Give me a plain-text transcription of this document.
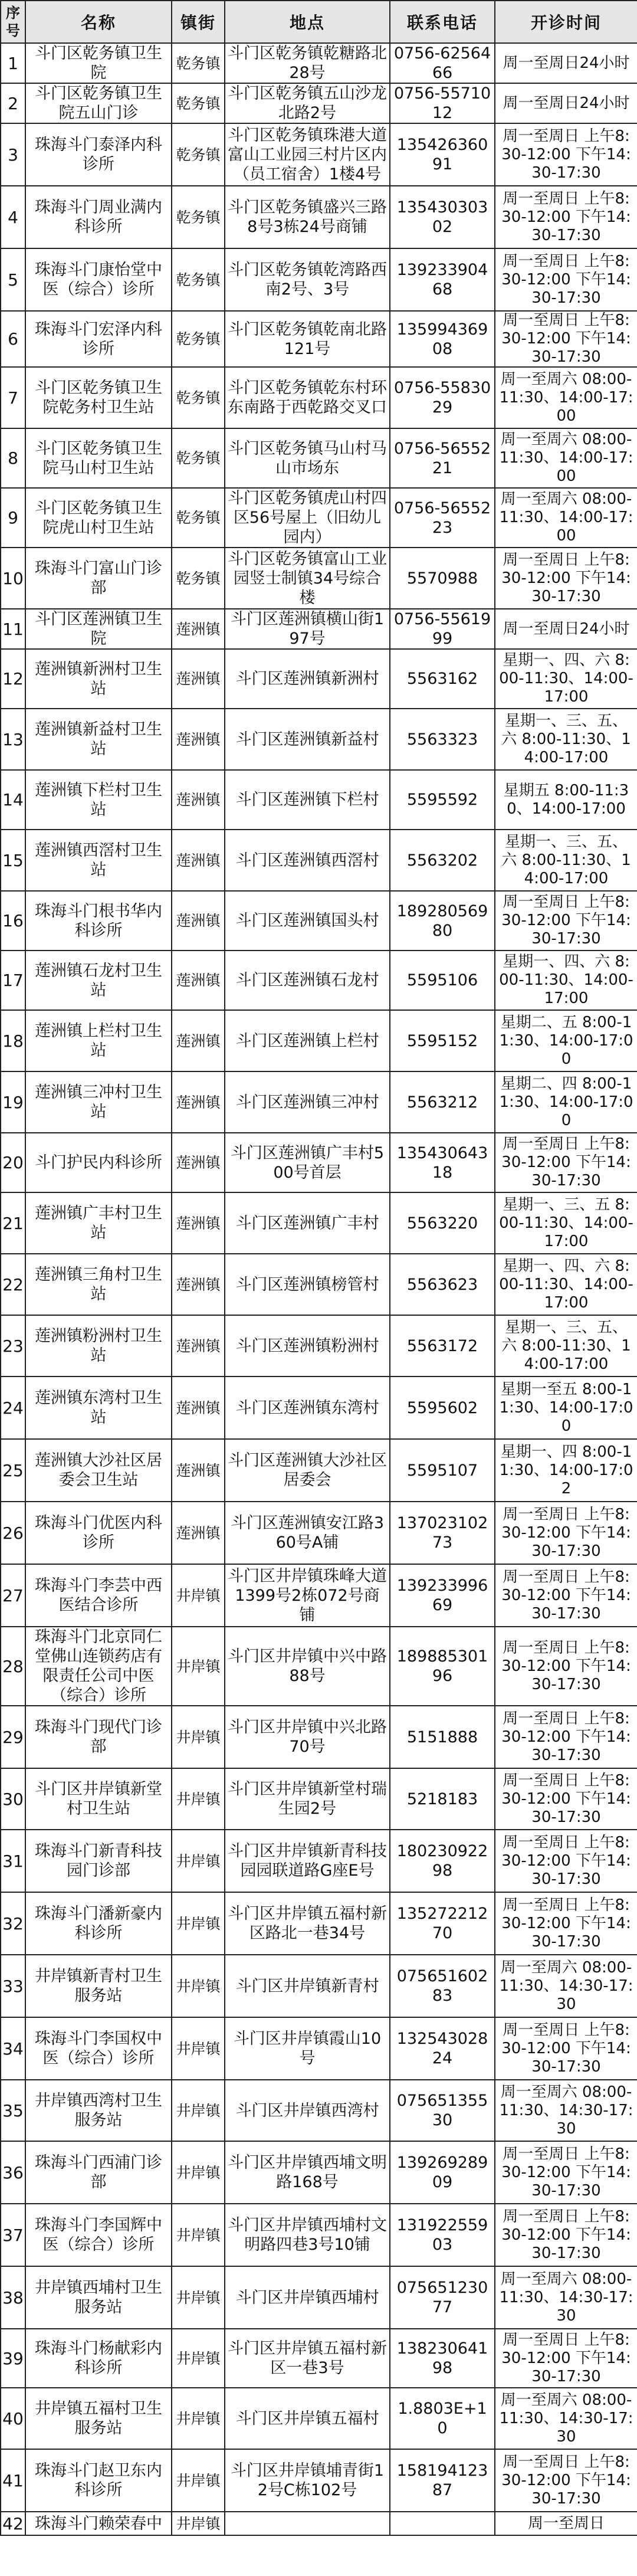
序号	名称	镇街	地点	联系电话	开诊时间
1	斗门区乾务镇卫生院	乾务镇	斗门区乾务镇乾糖路北28号	0756-6256466	周一至周日24小时
2	斗门区乾务镇卫生院五山门诊	乾务镇	斗门区乾务镇五山沙龙北路2号	0756-5571012	周一至周日24小时
3	珠海斗门泰泽内科诊所	乾务镇	斗门区乾务镇珠港大道富山工业园三村片区内（员工宿舍）1楼4号	13542636091	周一至周日 上午8:30-12:00 下午14:30-17:30
4	珠海斗门周业满内科诊所	乾务镇	斗门区乾务镇盛兴三路8号3栋24号商铺	13543030302	周一至周日 上午8:30-12:00 下午14:30-17:30
5	珠海斗门康怡堂中医（综合）诊所	乾务镇	斗门区乾务镇乾湾路西南2号、3号	13923390468	周一至周日 上午8:30-12:00 下午14:30-17:30
6	珠海斗门宏泽内科诊所	乾务镇	斗门区乾务镇乾南北路121号	13599436908	周一至周日 上午8:30-12:00 下午14:30-17:30
7	斗门区乾务镇卫生院乾务村卫生站	乾务镇	斗门区乾务镇乾东村环东南路于西乾路交叉口	0756-5583029	周一至周六 08:00-11:30、14:00-17:00
8	斗门区乾务镇卫生院马山村卫生站	乾务镇	斗门区乾务镇马山村马山市场东	0756-5655221	周一至周六 08:00-11:30、14:00-17:00
9	斗门区乾务镇卫生院虎山村卫生站	乾务镇	斗门区乾务镇虎山村四区56号屋上（旧幼儿园内）	0756-5655223	周一至周六 08:00-11:30、14:00-17:00
10	珠海斗门富山门诊部	乾务镇	斗门区乾务镇富山工业园竖士制镇34号综合楼	5570988	周一至周日 上午8:30-12:00 下午14:30-17:30
11	斗门区莲洲镇卫生院	莲洲镇	斗门区莲洲镇横山街197号	0756-5561999	周一至周日24小时
12	莲洲镇新洲村卫生站	莲洲镇	斗门区莲洲镇新洲村	5563162	星期一、四、六 8:00-11:30、14:00-17:00
13	莲洲镇新益村卫生站	莲洲镇	斗门区莲洲镇新益村	5563323	星期一、三、五、六 8:00-11:30、14:00-17:00
14	莲洲镇下栏村卫生站	莲洲镇	斗门区莲洲镇下栏村	5595592	星期五 8:00-11:30、14:00-17:00
15	莲洲镇西滘村卫生站	莲洲镇	斗门区莲洲镇西滘村	5563202	星期一、三、五、六 8:00-11:30、14:00-17:00
16	珠海斗门根书华内科诊所	莲洲镇	斗门区莲洲镇国头村	18928056980	周一至周日 上午8:30-12:00 下午14:30-17:30
17	莲洲镇石龙村卫生站	莲洲镇	斗门区莲洲镇石龙村	5595106	星期一、四、六 8:00-11:30、14:00-17:00
18	莲洲镇上栏村卫生站	莲洲镇	斗门区莲洲镇上栏村	5595152	星期二、五 8:00-11:30、14:00-17:00
19	莲洲镇三冲村卫生站	莲洲镇	斗门区莲洲镇三冲村	5563212	星期二、四 8:00-11:30、14:00-17:00
20	斗门护民内科诊所	莲洲镇	斗门区莲洲镇广丰村500号首层	13543064318	周一至周日 上午8:30-12:00 下午14:30-17:30
21	莲洲镇广丰村卫生站	莲洲镇	斗门区莲洲镇广丰村	5563220	星期一、三、五 8:00-11:30、14:00-17:00
22	莲洲镇三角村卫生站	莲洲镇	斗门区莲洲镇榜管村	5563623	星期一、四、六 8:00-11:30、14:00-17:00
23	莲洲镇粉洲村卫生站	莲洲镇	斗门区莲洲镇粉洲村	5563172	星期一、三、五、六 8:00-11:30、14:00-17:00
24	莲洲镇东湾村卫生站	莲洲镇	斗门区莲洲镇东湾村	5595602	星期一至五 8:00-11:30、14:00-17:00
25	莲洲镇大沙社区居委会卫生站	莲洲镇	斗门区莲洲镇大沙社区居委会	5595107	星期一、四 8:00-11:30、14:00-17:02
26	珠海斗门优医内科诊所	莲洲镇	斗门区莲洲镇安江路360号A铺	13702310273	周一至周日 上午8:30-12:00 下午14:30-17:30
27	珠海斗门李芸中西医结合诊所	井岸镇	斗门区井岸镇珠峰大道1399号2栋072号商铺	13923399669	周一至周日 上午8:30-12:00 下午14:30-17:30
28	珠海斗门北京同仁堂佛山连锁药店有限责任公司中医（综合）诊所	井岸镇	斗门区井岸镇中兴中路88号	18988530196	周一至周日 上午8:30-12:00 下午14:30-17:30
29	珠海斗门现代门诊部	井岸镇	斗门区井岸镇中兴北路70号	5151888	周一至周日 上午8:30-12:00 下午14:30-17:30
30	斗门区井岸镇新堂村卫生站	井岸镇	斗门区井岸镇新堂村瑞生园2号	5218183	周一至周日 上午8:30-12:00 下午14:30-17:30
31	珠海斗门新青科技园门诊部	井岸镇	斗门区井岸镇新青科技园园联道路G座E号	18023092298	周一至周日 上午8:30-12:00 下午14:30-17:30
32	珠海斗门潘新豪内科诊所	井岸镇	斗门区井岸镇五福村新区路北一巷34号	13527221270	周一至周日 上午8:30-12:00 下午14:30-17:30
33	井岸镇新青村卫生服务站	井岸镇	斗门区井岸镇新青村	07565160283	周一至周六 08:00-11:30、14:30-17:30
34	珠海斗门李国权中医（综合）诊所	井岸镇	斗门区井岸镇霞山10号	13254302824	周一至周日 上午8:30-12:00 下午14:30-17:30
35	井岸镇西湾村卫生服务站	井岸镇	斗门区井岸镇西湾村	07565135530	周一至周六 08:00-11:30、14:30-17:30
36	珠海斗门西浦门诊部	井岸镇	斗门区井岸镇西埔文明路168号	13926928909	周一至周日 上午8:30-12:00 下午14:30-17:30
37	珠海斗门李国辉中医（综合）诊所	井岸镇	斗门区井岸镇西埔村文明路四巷3号10铺	13192255903	周一至周日 上午8:30-12:00 下午14:30-17:30
38	井岸镇西埔村卫生服务站	井岸镇	斗门区井岸镇西埔村	07565123077	周一至周六 08:00-11:30、14:30-17:30
39	珠海斗门杨献彩内科诊所	井岸镇	斗门区井岸镇五福村新区一巷3号	13823064198	周一至周日 上午8:30-12:00 下午14:30-17:30
40	井岸镇五福村卫生服务站	井岸镇	斗门区井岸镇五福村	1.8803E+10	周一至周六 08:00-11:30、14:30-17:30
41	珠海斗门赵卫东内科诊所	井岸镇	斗门区井岸镇埔青街12号C栋102号	15819412387	周一至周日 上午8:30-12:00 下午14:30-17:30
42	珠海斗门赖荣春中	井岸镇			周一至周日
